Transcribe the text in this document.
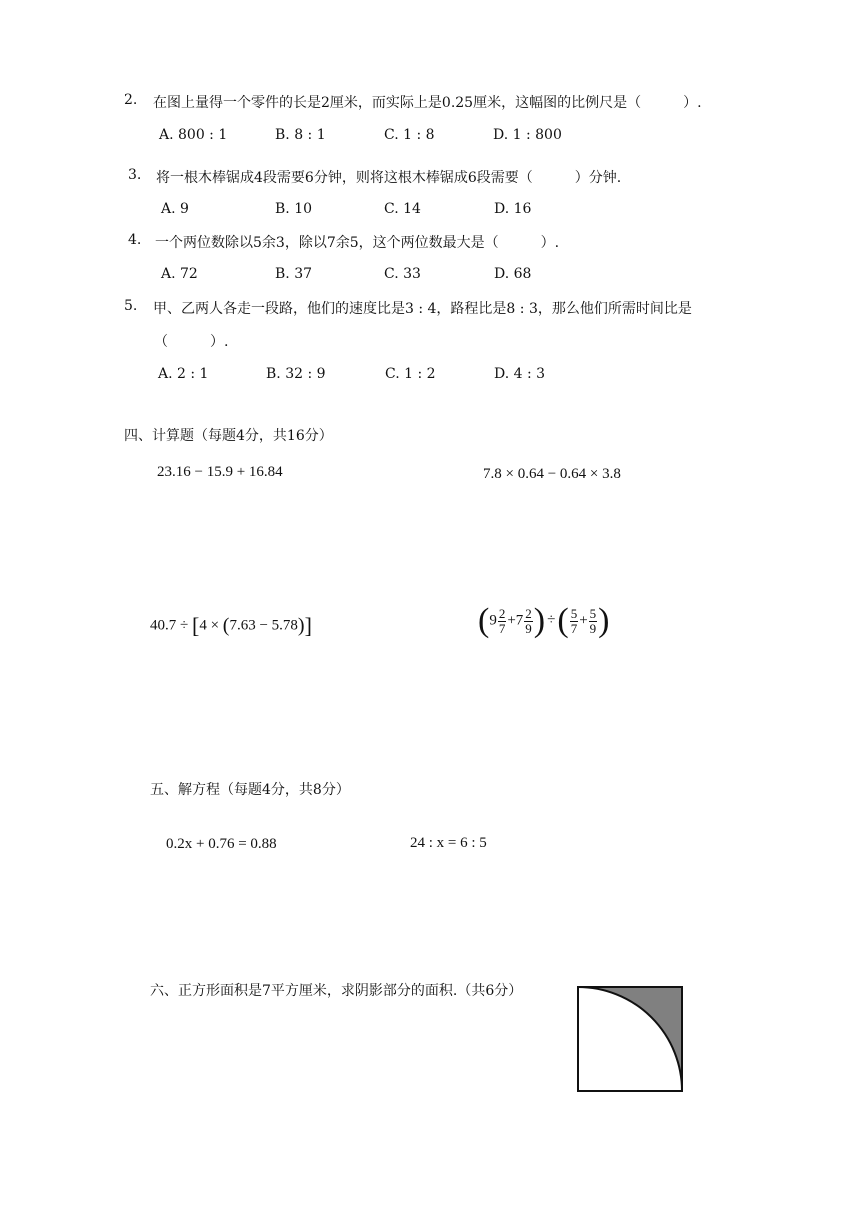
2. 在图上量得一个零件的长是2厘米，而实际上是0.25厘米，这幅图的比例尺是（　　　）.
A. 800 : 1	B. 8 : 1	C. 1 : 8	D. 1 : 800
3. 将一根木棒锯成4段需要6分钟，则将这根木棒锯成6段需要（　　　）分钟.
A. 9	B. 10	C. 14	D. 16
4. 一个两位数除以5余3，除以7余5，这个两位数最大是（　　　）.
A. 72	B. 37	C. 33	D. 68
5. 甲、乙两人各走一段路，他们的速度比是3 : 4，路程比是8 : 3，那么他们所需时间比是
（　　　）.
A. 2 : 1	B. 32 : 9	C. 1 : 2	D. 4 : 3
四、计算题（每题4分，共16分）
23.16 − 15.9 + 16.84	7.8 × 0.64 − 0.64 × 3.8
40.7 ÷ [4 × (7.63 − 5.78)]	($9 \frac{2}{7} +7 \frac{2}{9}$ ) ÷( $\frac{5}{7} + \frac{5}{9}$ )
五、解方程（每题4分，共8分）
0.2x + 0.76 = 0.88	24 : x = 6 : 5
六、正方形面积是7平方厘米，求阴影部分的面积.（共6分）
